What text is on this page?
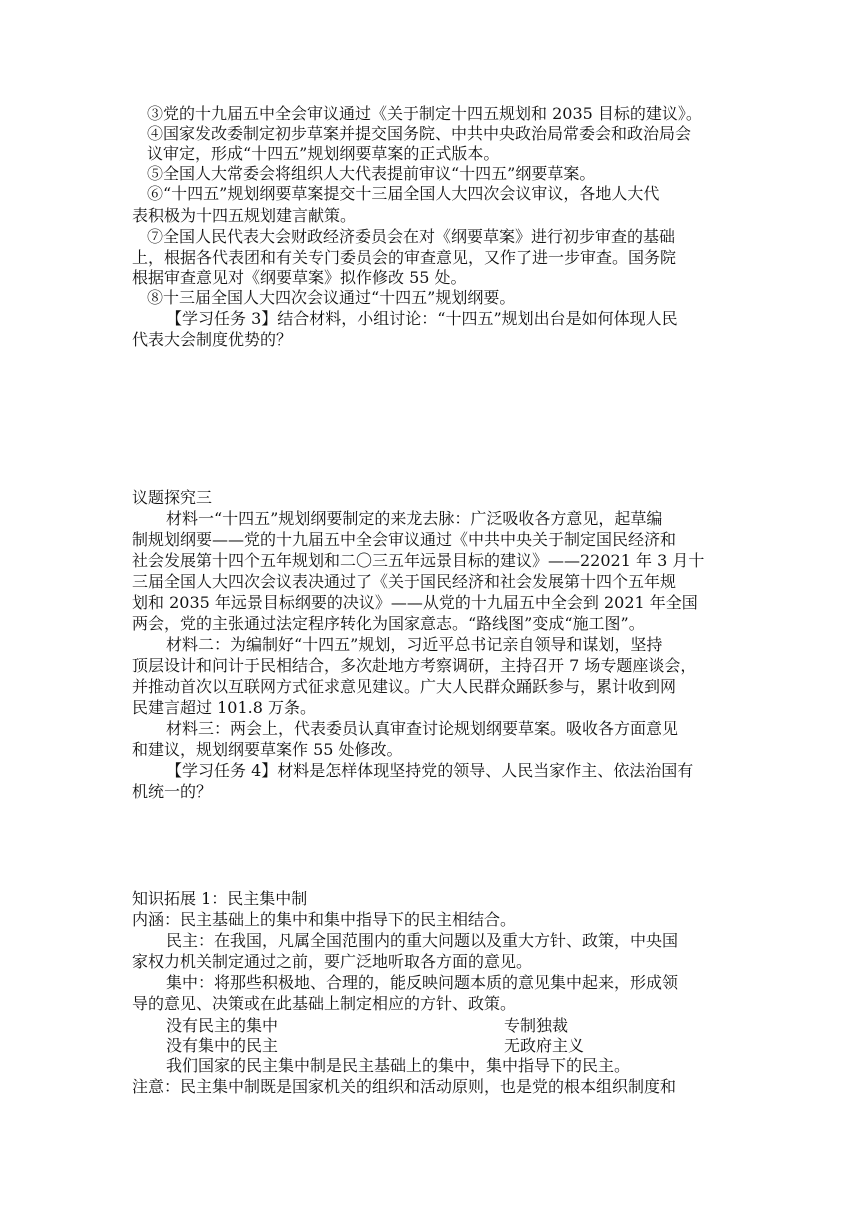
③党的十九届五中全会审议通过《关于制定十四五规划和 2035 目标的建议》。
④国家发改委制定初步草案并提交国务院、中共中央政治局常委会和政治局会
议审定，形成“十四五”规划纲要草案的正式版本。
⑤全国人大常委会将组织人大代表提前审议“十四五”纲要草案。
⑥“十四五”规划纲要草案提交十三届全国人大四次会议审议，各地人大代
表积极为十四五规划建言献策。
⑦全国人民代表大会财政经济委员会在对《纲要草案》进行初步审查的基础
上，根据各代表团和有关专门委员会的审查意见，又作了进一步审查。国务院
根据审查意见对《纲要草案》拟作修改 55 处。
⑧十三届全国人大四次会议通过“十四五”规划纲要。
【学习任务 3】结合材料，小组讨论：“十四五”规划出台是如何体现人民
代表大会制度优势的？
议题探究三
材料一“十四五”规划纲要制定的来龙去脉：广泛吸收各方意见，起草编
制规划纲要——党的十九届五中全会审议通过《中共中央关于制定国民经济和
社会发展第十四个五年规划和二〇三五年远景目标的建议》——22021 年 3 月十
三届全国人大四次会议表决通过了《关于国民经济和社会发展第十四个五年规
划和 2035 年远景目标纲要的决议》——从党的十九届五中全会到 2021 年全国
两会，党的主张通过法定程序转化为国家意志。“路线图”变成“施工图”。
材料二：为编制好“十四五”规划，习近平总书记亲自领导和谋划，坚持
顶层设计和问计于民相结合，多次赴地方考察调研，主持召开 7 场专题座谈会，
并推动首次以互联网方式征求意见建议。广大人民群众踊跃参与，累计收到网
民建言超过 101.8 万条。
材料三：两会上，代表委员认真审查讨论规划纲要草案。吸收各方面意见
和建议，规划纲要草案作 55 处修改。
【学习任务 4】材料是怎样体现坚持党的领导、人民当家作主、依法治国有
机统一的？
知识拓展 1：民主集中制
内涵：民主基础上的集中和集中指导下的民主相结合。
民主：在我国，凡属全国范围内的重大问题以及重大方针、政策，中央国
家权力机关制定通过之前，要广泛地听取各方面的意见。
集中：将那些积极地、合理的，能反映问题本质的意见集中起来，形成领
导的意见、决策或在此基础上制定相应的方针、政策。
没有民主的集中	专制独裁
没有集中的民主	无政府主义
我们国家的民主集中制是民主基础上的集中，集中指导下的民主。
注意：民主集中制既是国家机关的组织和活动原则，也是党的根本组织制度和
